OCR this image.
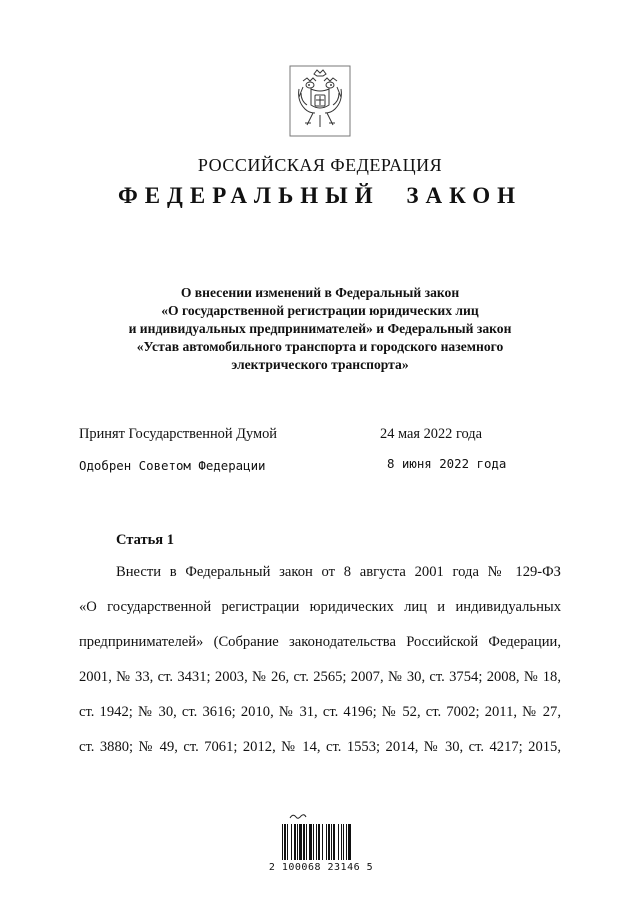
РОССИЙСКАЯ ФЕДЕРАЦИЯ
ФЕДЕРАЛЬНЫЙ ЗАКОН
О внесении изменений в Федеральный закон
«О государственной регистрации юридических лиц
и индивидуальных предпринимателей» и Федеральный закон
«Устав автомобильного транспорта и городского наземного
электрического транспорта»
Принят Государственной Думой	24 мая 2022 года
Одобрен Советом Федерации	8 июня 2022 года
Статья 1
Внести в Федеральный закон от 8 августа 2001 года № 129-ФЗ
«О государственной регистрации юридических лиц и индивидуальных
предпринимателей» (Собрание законодательства Российской Федерации,
2001, № 33, ст. 3431; 2003, № 26, ст. 2565; 2007, № 30, ст. 3754; 2008, № 18,
ст. 1942; № 30, ст. 3616; 2010, № 31, ст. 4196; № 52, ст. 7002; 2011, № 27,
ст. 3880; № 49, ст. 7061; 2012, № 14, ст. 1553; 2014, № 30, ст. 4217; 2015,
2 100068 23146 5
